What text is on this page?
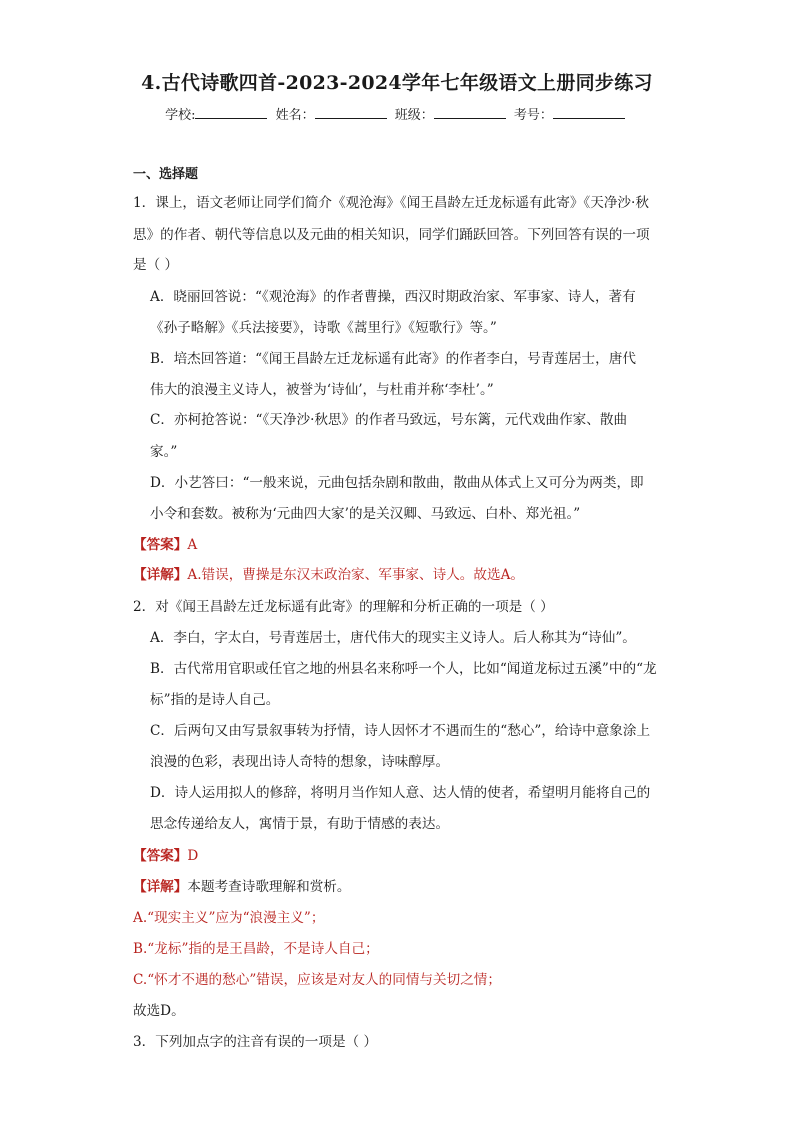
4.古代诗歌四首-2023-2024学年七年级语文上册同步练习
学校:	姓名：	班级：	考号：
一、选择题
1．课上，语文老师让同学们简介《观沧海》《闻王昌龄左迁龙标遥有此寄》《天净沙·秋
思》的作者、朝代等信息以及元曲的相关知识，同学们踊跃回答。下列回答有误的一项
是（ ）
A．晓丽回答说：“《观沧海》的作者曹操，西汉时期政治家、军事家、诗人，著有
《孙子略解》《兵法接要》，诗歌《蒿里行》《短歌行》等。”
B．培杰回答道：“《闻王昌龄左迁龙标遥有此寄》的作者李白，号青莲居士，唐代
伟大的浪漫主义诗人，被誉为‘诗仙’，与杜甫并称‘李杜’。”
C．亦柯抢答说：“《天净沙·秋思》的作者马致远，号东篱，元代戏曲作家、散曲
家。”
D．小艺答曰：“一般来说，元曲包括杂剧和散曲，散曲从体式上又可分为两类，即
小令和套数。被称为‘元曲四大家’的是关汉卿、马致远、白朴、郑光祖。”
【答案】A
【详解】A.错误，曹操是东汉末政治家、军事家、诗人。故选A。
2．对《闻王昌龄左迁龙标遥有此寄》的理解和分析正确的一项是（ ）
A．李白，字太白，号青莲居士，唐代伟大的现实主义诗人。后人称其为“诗仙”。
B．古代常用官职或任官之地的州县名来称呼一个人，比如“闻道龙标过五溪”中的“龙
标”指的是诗人自己。
C．后两句又由写景叙事转为抒情，诗人因怀才不遇而生的“愁心”，给诗中意象涂上
浪漫的色彩，表现出诗人奇特的想象，诗味醇厚。
D．诗人运用拟人的修辞，将明月当作知人意、达人情的使者，希望明月能将自己的
思念传递给友人，寓情于景，有助于情感的表达。
【答案】D
【详解】本题考查诗歌理解和赏析。
A.“现实主义”应为“浪漫主义”；
B.“龙标”指的是王昌龄，不是诗人自己；
C.“怀才不遇的愁心”错误，应该是对友人的同情与关切之情；
故选D。
3．下列加点字的注音有误的一项是（ ）
